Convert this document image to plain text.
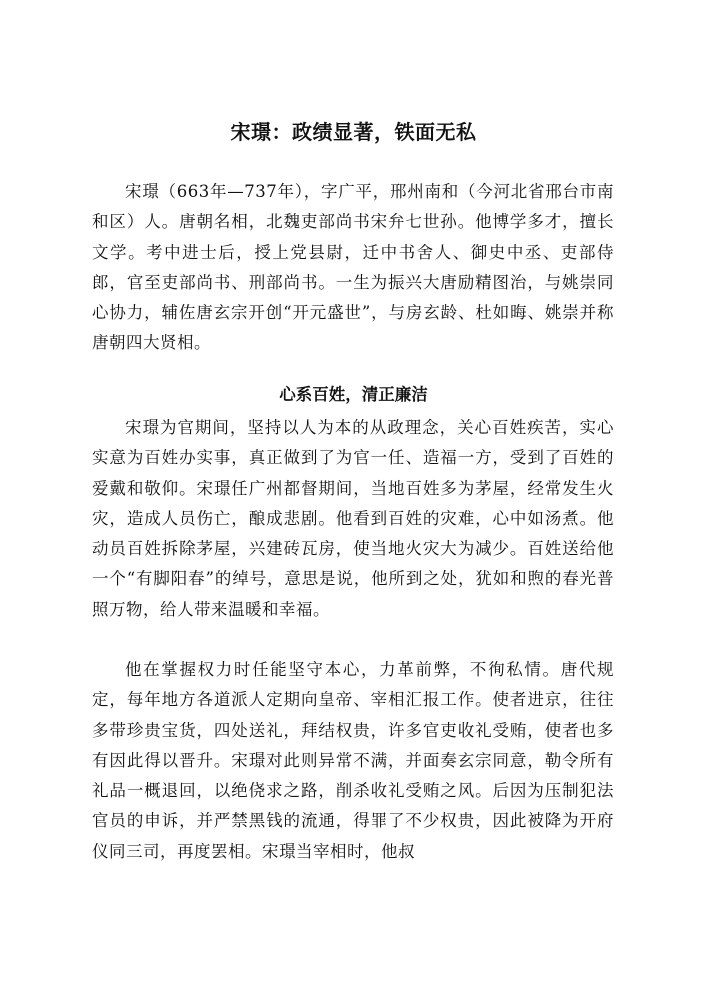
宋璟：政绩显著，铁面无私

宋璟（663年—737年），字广平，邢州南和（今河北省邢台市南和区）人。唐朝名相，北魏吏部尚书宋弁七世孙。他博学多才，擅长文学。考中进士后，授上党县尉，迁中书舍人、御史中丞、吏部侍郎，官至吏部尚书、刑部尚书。一生为振兴大唐励精图治，与姚崇同心协力，辅佐唐玄宗开创“开元盛世”，与房玄龄、杜如晦、姚崇并称唐朝四大贤相。

心系百姓，清正廉洁

宋璟为官期间，坚持以人为本的从政理念，关心百姓疾苦，实心实意为百姓办实事，真正做到了为官一任、造福一方，受到了百姓的爱戴和敬仰。宋璟任广州都督期间，当地百姓多为茅屋，经常发生火灾，造成人员伤亡，酿成悲剧。他看到百姓的灾难，心中如汤煮。他动员百姓拆除茅屋，兴建砖瓦房，使当地火灾大为减少。百姓送给他一个“有脚阳春”的绰号，意思是说，他所到之处，犹如和煦的春光普照万物，给人带来温暖和幸福。

他在掌握权力时任能坚守本心，力革前弊，不徇私情。唐代规定，每年地方各道派人定期向皇帝、宰相汇报工作。使者进京，往往多带珍贵宝货，四处送礼，拜结权贵，许多官吏收礼受贿，使者也多有因此得以晋升。宋璟对此则异常不满，并面奏玄宗同意，勒令所有礼品一概退回，以绝侥求之路，削杀收礼受贿之风。后因为压制犯法官员的申诉，并严禁黑钱的流通，得罪了不少权贵，因此被降为开府仪同三司，再度罢相。宋璟当宰相时，他叔
